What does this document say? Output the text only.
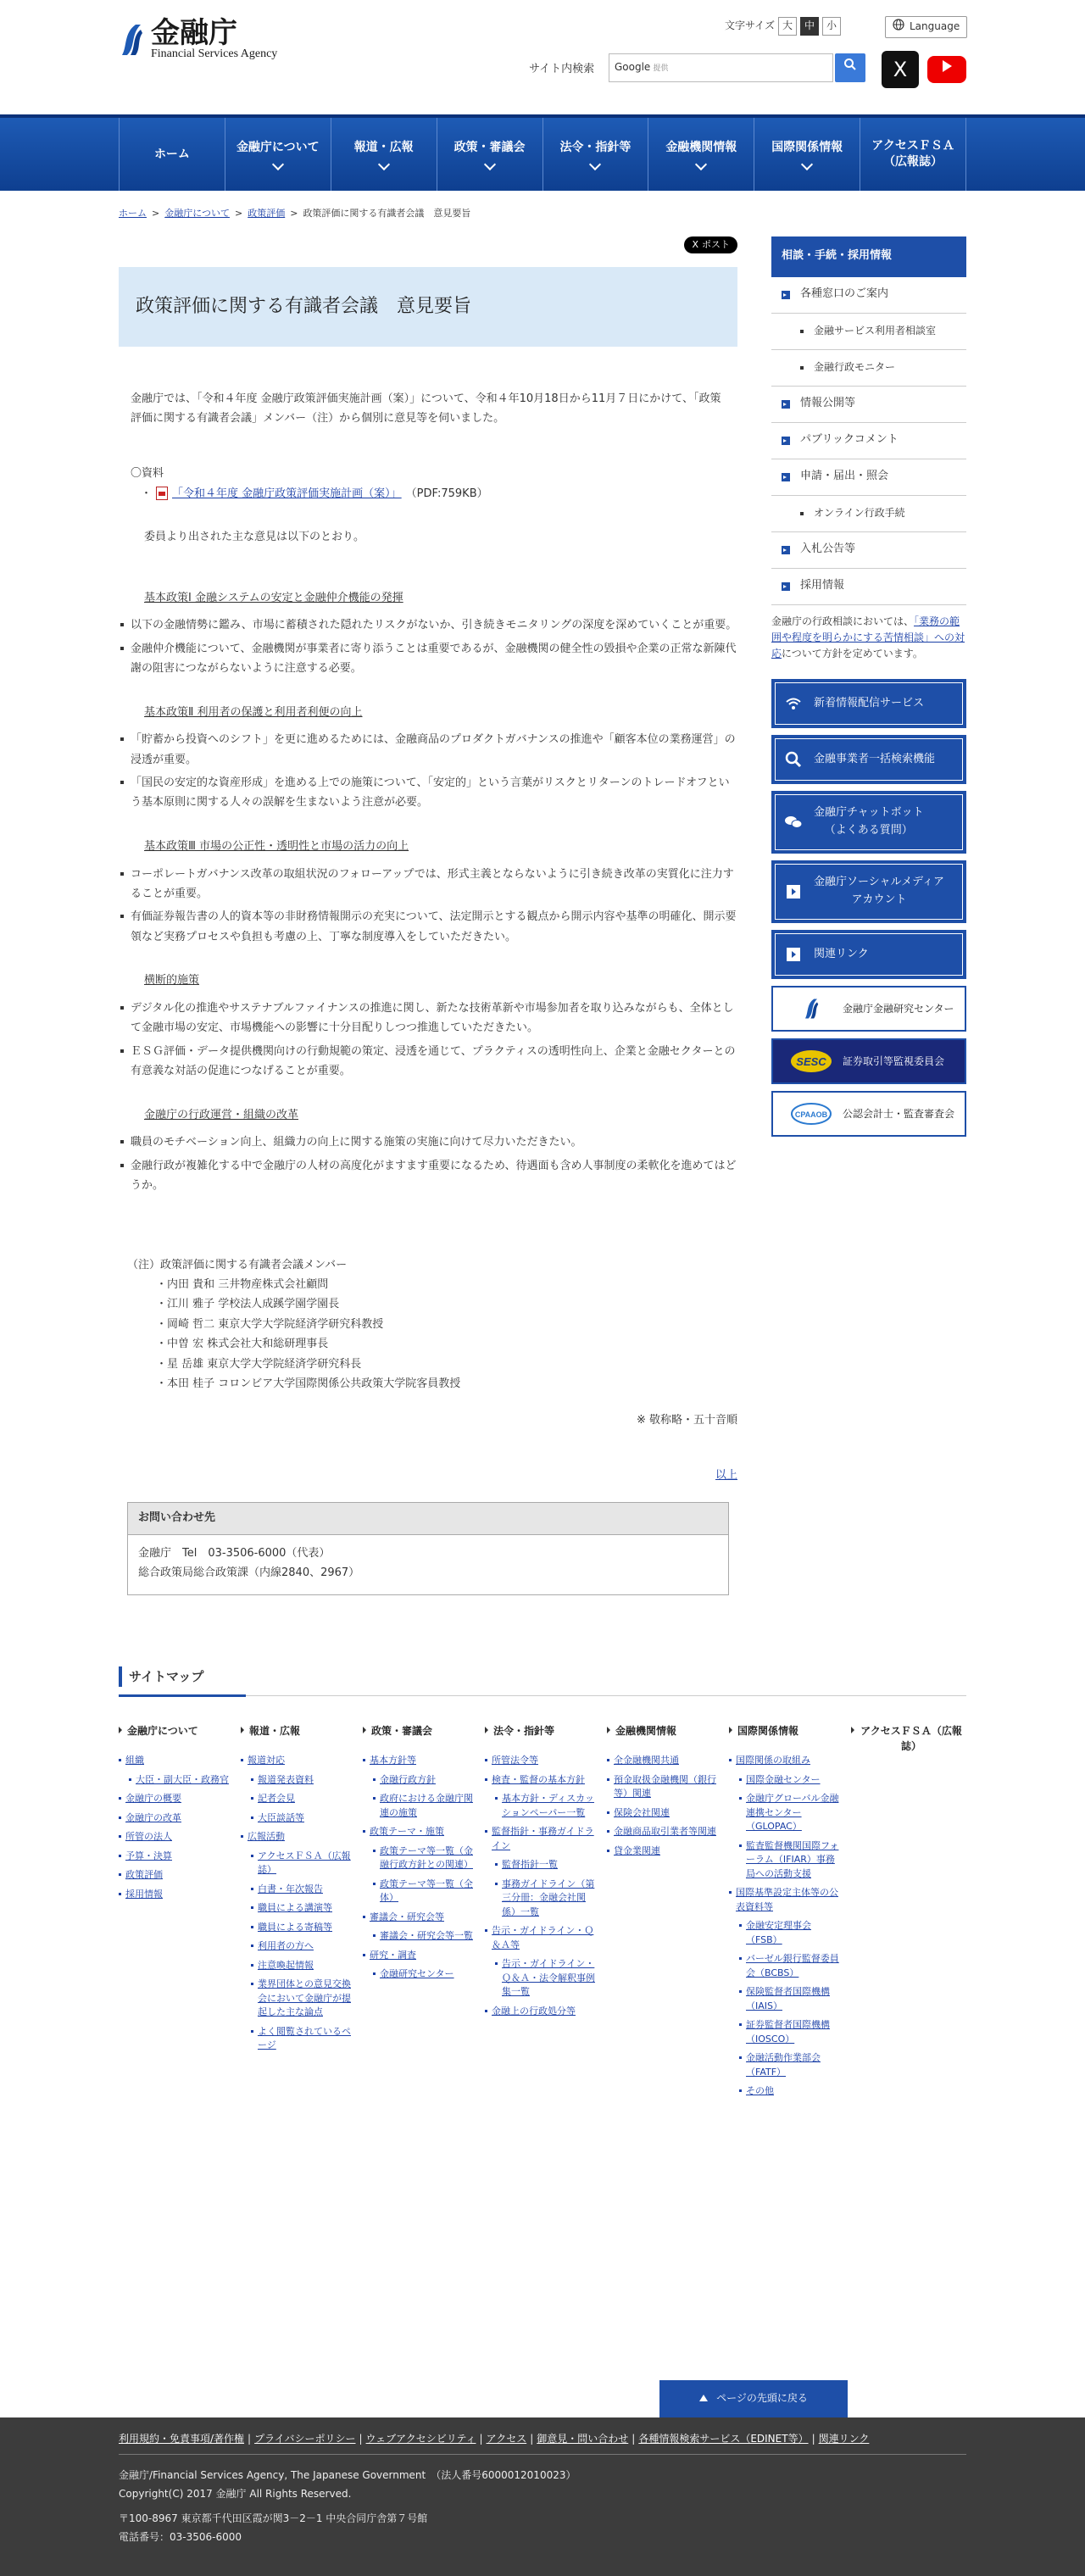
金融庁
Financial Services Agency
文字サイズ 大	中	小	Language
サイト内検索 Google 提供	X
ホーム	金融庁について	報道・広報	政策・審議会	法令・指針等	金融機関情報	国際関係情報 アクセスＦＳＡ
（広報誌）
ホーム > 金融庁について > 政策評価 > 政策評価に関する有識者会議　意見要旨
X ポスト
政策評価に関する有識者会議　意見要旨

金融庁では、「令和４年度 金融庁政策評価実施計画（案）」について、令和４年10月18日から11月７日にかけて、「政策評価に関する有識者会議」メンバー（注）から個別に意見等を伺いました。

〇資料
・ 「令和４年度 金融庁政策評価実施計画（案）」 （PDF:759KB）

委員より出された主な意見は以下のとおり。

基本政策Ⅰ 金融システムの安定と金融仲介機能の発揮
以下の金融情勢に鑑み、市場に蓄積された隠れたリスクがないか、引き続きモニタリングの深度を深めていくことが重要。
金融仲介機能について、金融機関が事業者に寄り添うことは重要であるが、金融機関の健全性の毀損や企業の正常な新陳代謝の阻害につながらないように注意する必要。
基本政策Ⅱ 利用者の保護と利用者利便の向上
「貯蓄から投資へのシフト」を更に進めるためには、金融商品のプロダクトガバナンスの推進や「顧客本位の業務運営」の浸透が重要。
「国民の安定的な資産形成」を進める上での施策について、「安定的」という言葉がリスクとリターンのトレードオフという基本原則に関する人々の誤解を生まないよう注意が必要。
基本政策Ⅲ 市場の公正性・透明性と市場の活力の向上
コーポレートガバナンス改革の取組状況のフォローアップでは、形式主義とならないように引き続き改革の実質化に注力することが重要。
有価証券報告書の人的資本等の非財務情報開示の充実について、法定開示とする観点から開示内容や基準の明確化、開示要領など実務プロセスや負担も考慮の上、丁寧な制度導入をしていただきたい。
横断的施策
デジタル化の推進やサステナブルファイナンスの推進に関し、新たな技術革新や市場参加者を取り込みながらも、全体として金融市場の安定、市場機能への影響に十分目配りしつつ推進していただきたい。
ＥＳＧ評価・データ提供機関向けの行動規範の策定、浸透を通じて、プラクティスの透明性向上、企業と金融セクターとの有意義な対話の促進につなげることが重要。
金融庁の行政運営・組織の改革
職員のモチベーション向上、組織力の向上に関する施策の実施に向けて尽力いただきたい。
金融行政が複雑化する中で金融庁の人材の高度化がますます重要になるため、待遇面も含め人事制度の柔軟化を進めてはどうか。
（注）政策評価に関する有識者会議メンバー
・内田 貴和 三井物産株式会社顧問
・江川 雅子 学校法人成蹊学園学園長
・岡崎 哲二 東京大学大学院経済学研究科教授
・中曽 宏 株式会社大和総研理事長
・星 岳雄 東京大学大学院経済学研究科長
・本田 桂子 コロンビア大学国際関係公共政策大学院客員教授
※ 敬称略・五十音順
以上
お問い合わせ先
金融庁　Tel　03-3506-6000（代表）
総合政策局総合政策課（内線2840、2967）
相談・手続・採用情報
各種窓口のご案内
金融サービス利用者相談室
金融行政モニター
情報公開等
パブリックコメント
申請・届出・照会
オンライン行政手続
入札公告等
採用情報

金融庁の行政相談においては、「業務の範囲や程度を明らかにする苦情相談」への対応について方針を定めています。

新着情報配信サービス
金融事業者一括検索機能
金融庁チャットボット
（よくある質問）
金融庁ソーシャルメディア
アカウント
関連リンク
金融庁金融研究センター
SESC 証券取引等監視委員会
CPAAOB 公認会計士・監査審査会
サイトマップ
金融庁について
組織
大臣・副大臣・政務官
金融庁の概要
金融庁の改革
所管の法人
予算・決算
政策評価
採用情報
報道・広報
報道対応
報道発表資料
記者会見
大臣談話等
広報活動
アクセスＦＳＡ（広報誌）
白書・年次報告
職員による講演等
職員による寄稿等
利用者の方へ
注意喚起情報
業界団体との意見交換会において金融庁が提起した主な論点
よく閲覧されているページ
政策・審議会
基本方針等
金融行政方針
政府における金融庁関連の施策
政策テーマ・施策
政策テーマ等一覧（金融行政方針との関連）
政策テーマ等一覧（全体）
審議会・研究会等
審議会・研究会等一覧
研究・調査
金融研究センター
法令・指針等
所管法令等
検査・監督の基本方針
基本方針・ディスカッションペーパー一覧
監督指針・事務ガイドライン
監督指針一覧
事務ガイドライン（第三分冊：金融会社関係）一覧
告示・ガイドライン・Ｑ＆Ａ等
告示・ガイドライン・Ｑ＆Ａ・法令解釈事例集一覧
金融上の行政処分等
金融機関情報
全金融機関共通
預金取扱金融機関（銀行等）関連
保険会社関連
金融商品取引業者等関連
貸金業関連
国際関係情報
国際関係の取組み
国際金融センター
金融庁グローバル金融連携センター（GLOPAC）
監査監督機関国際フォーラム（IFIAR）事務局への活動支援
国際基準設定主体等の公表資料等
金融安定理事会（FSB）
バーゼル銀行監督委員会（BCBS）
保険監督者国際機構（IAIS）
証券監督者国際機構（IOSCO）
金融活動作業部会（FATF）
その他
アクセスＦＳＡ（広報誌）
ページの先頭に戻る
利用規約・免責事項/著作権 | プライバシーポリシー | ウェブアクセシビリティ | アクセス | 御意見・問い合わせ | 各種情報検索サービス（EDINET等） | 関連リンク
金融庁/Financial Services Agency, The Japanese Government　（法人番号6000012010023）
Copyright(C) 2017 金融庁 All Rights Reserved.
〒100-8967 東京都千代田区霞が関3－2－1 中央合同庁舎第７号館
電話番号：03-3506-6000
